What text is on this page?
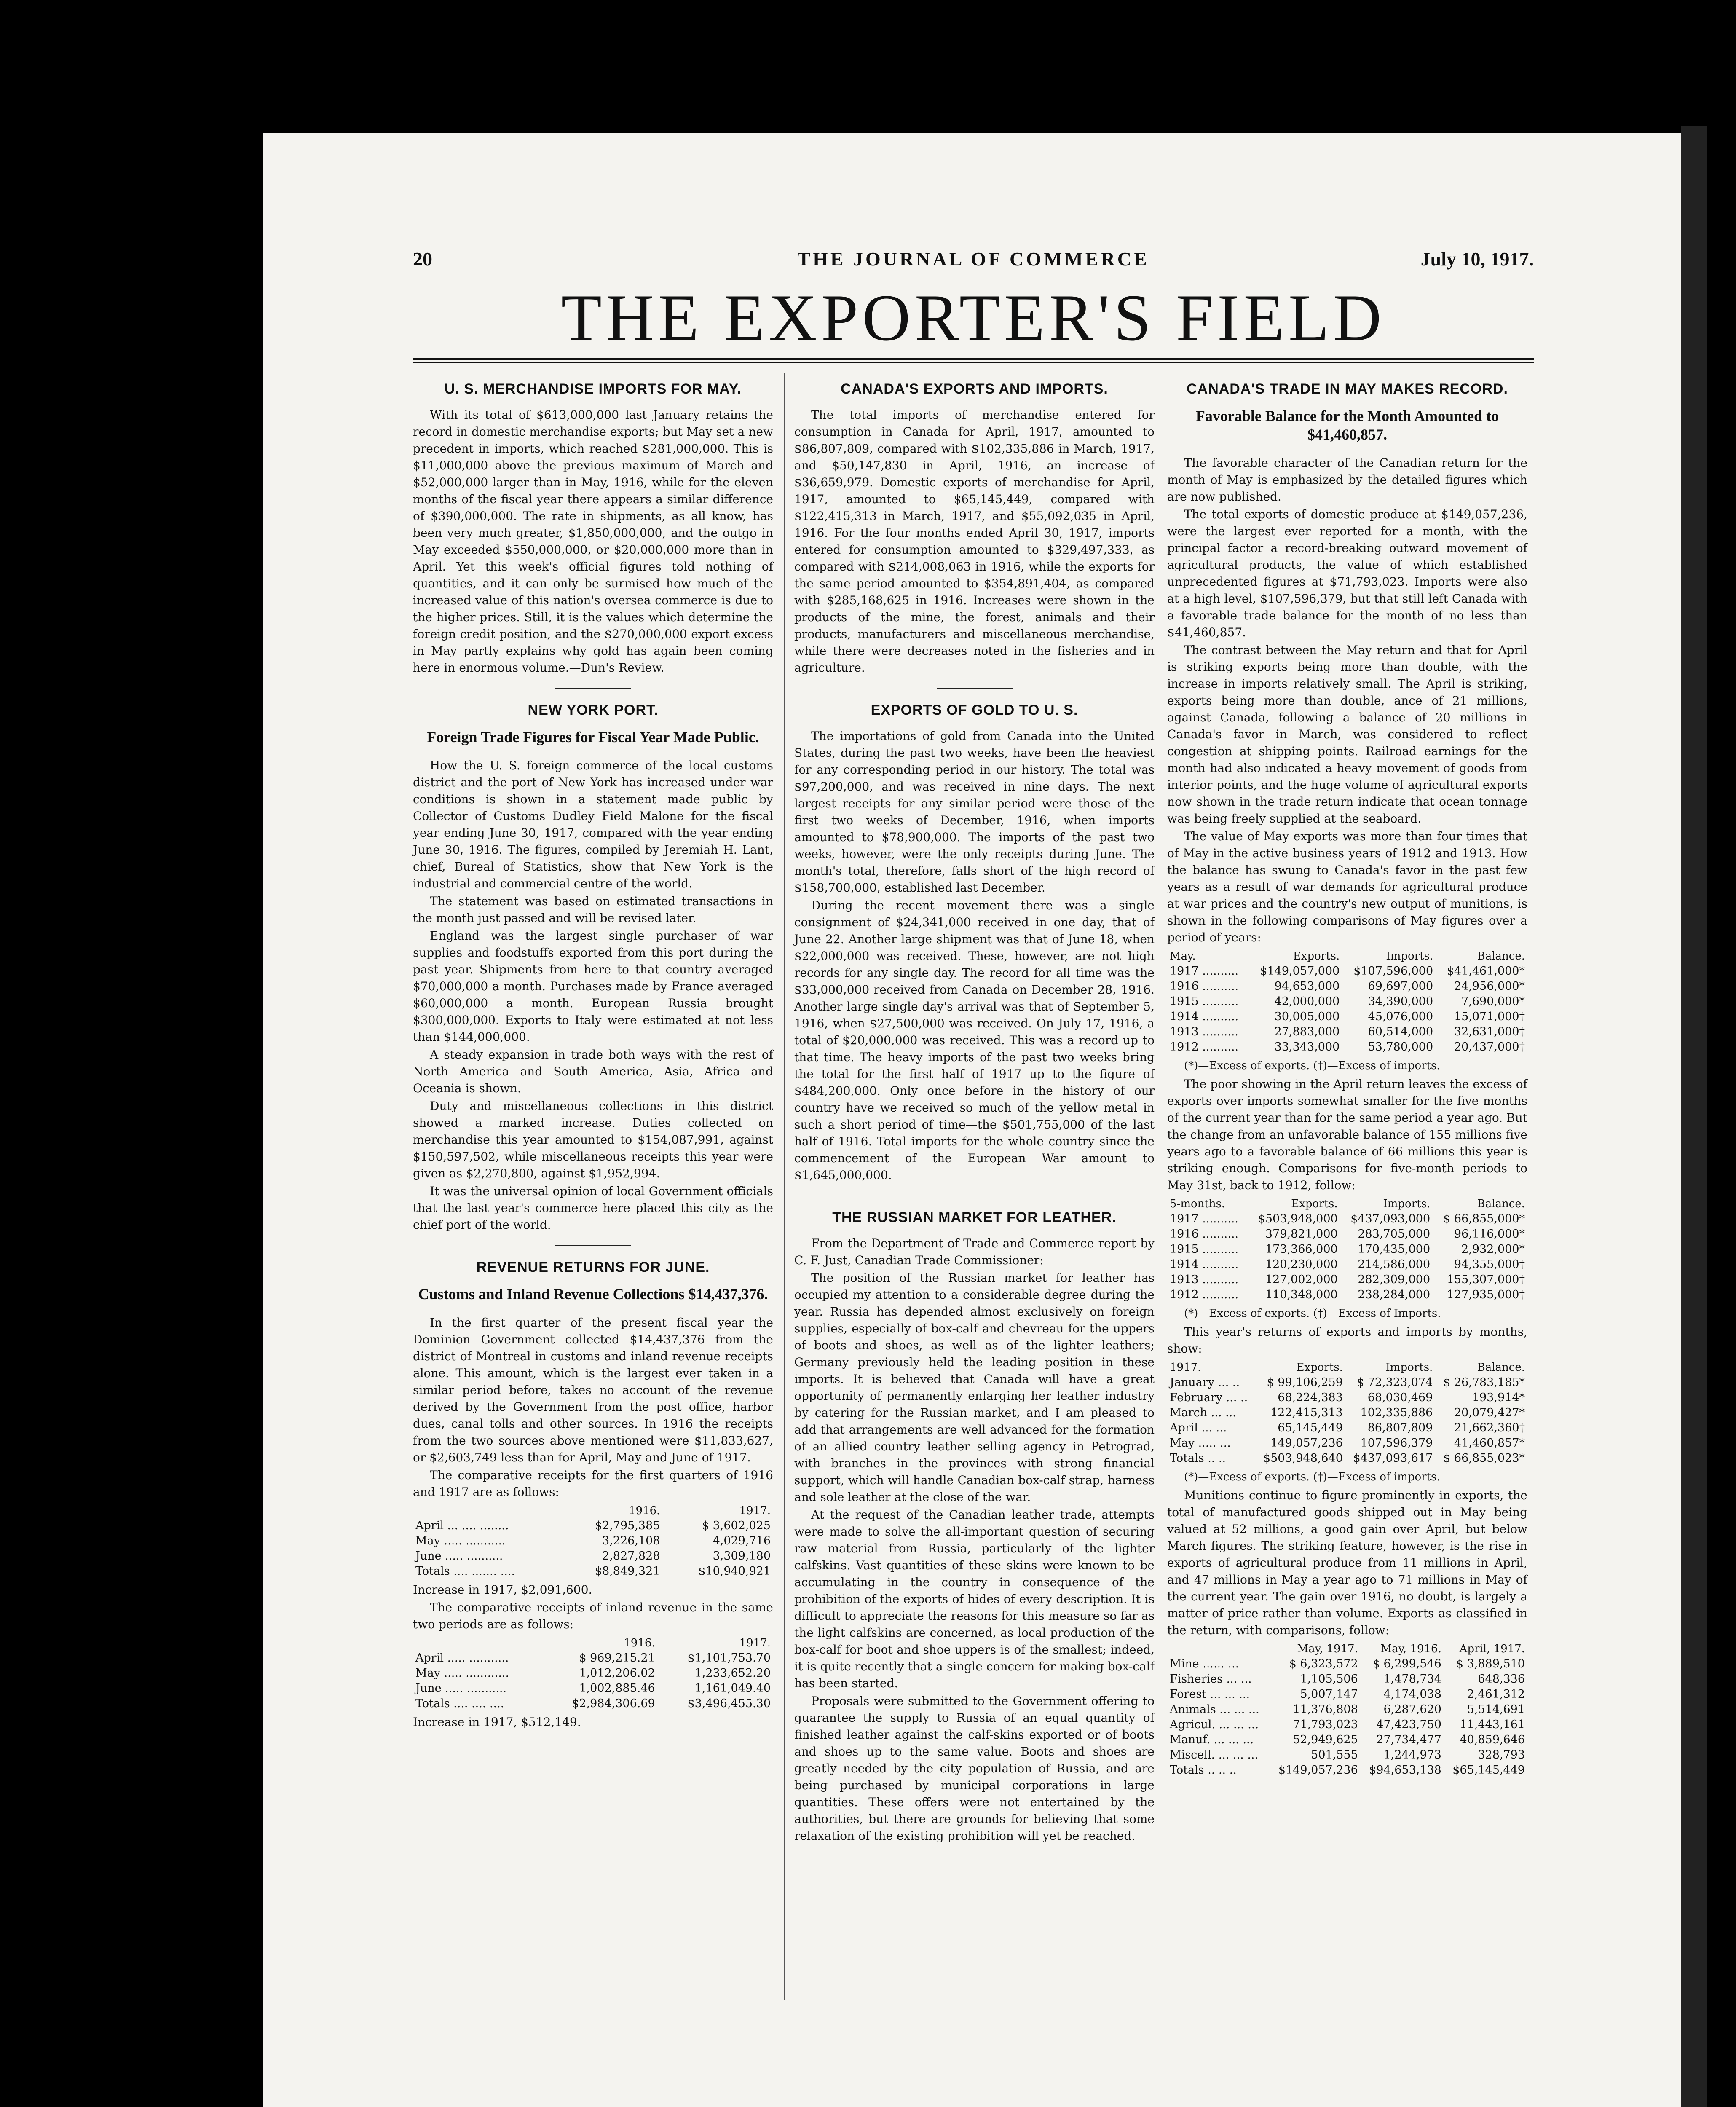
20	THE JOURNAL OF COMMERCE	July 10, 1917.
THE EXPORTER'S FIELD
U. S. MERCHANDISE IMPORTS FOR MAY.

With its total of $613,000,000 last January retains the record in domestic merchandise exports; but May set a new precedent in imports, which reached $281,000,000. This is $11,000,000 above the previous maximum of March and $52,000,000 larger than in May, 1916, while for the eleven months of the fiscal year there appears a similar difference of $390,000,000. The rate in shipments, as all know, has been very much greater, $1,850,000,000, and the outgo in May exceeded $550,000,000, or $20,000,000 more than in April. Yet this week's official figures told nothing of quantities, and it can only be surmised how much of the increased value of this nation's oversea commerce is due to the higher prices. Still, it is the values which determine the foreign credit position, and the $270,000,000 export excess in May partly explains why gold has again been coming here in enormous volume.—Dun's Review.

NEW YORK PORT.
Foreign Trade Figures for Fiscal Year Made Public.

How the U. S. foreign commerce of the local customs district and the port of New York has increased under war conditions is shown in a statement made public by Collector of Customs Dudley Field Malone for the fiscal year ending June 30, 1917, compared with the year ending June 30, 1916. The figures, compiled by Jeremiah H. Lant, chief, Bureal of Statistics, show that New York is the industrial and commercial centre of the world.

The statement was based on estimated transactions in the month just passed and will be revised later.

England was the largest single purchaser of war supplies and foodstuffs exported from this port during the past year. Shipments from here to that country averaged $70,000,000 a month. Purchases made by France averaged $60,000,000 a month. European Russia brought $300,000,000. Exports to Italy were estimated at not less than $144,000,000.

A steady expansion in trade both ways with the rest of North America and South America, Asia, Africa and Oceania is shown.

Duty and miscellaneous collections in this district showed a marked increase. Duties collected on merchandise this year amounted to $154,087,991, against $150,597,502, while miscellaneous receipts this year were given as $2,270,800, against $1,952,994.

It was the universal opinion of local Government officials that the last year's commerce here placed this city as the chief port of the world.

REVENUE RETURNS FOR JUNE.
Customs and Inland Revenue Collections $14,437,376.

In the first quarter of the present fiscal year the Dominion Government collected $14,437,376 from the district of Montreal in customs and inland revenue receipts alone. This amount, which is the largest ever taken in a similar period before, takes no account of the revenue derived by the Government from the post office, harbor dues, canal tolls and other sources. In 1916 the receipts from the two sources above mentioned were $11,833,627, or $2,603,749 less than for April, May and June of 1917.

The comparative receipts for the first quarters of 1916 and 1917 are as follows:

	1916.	1917.
April ... .... ........	$2,795,385	$ 3,602,025
May ..... ...........	3,226,108	4,029,716
June ..... ..........	2,827,828	3,309,180
Totals .... ....... ....	$8,849,321	$10,940,921

Increase in 1917, $2,091,600.

The comparative receipts of inland revenue in the same two periods are as follows:

	1916.	1917.
April ..... ...........	$ 969,215.21	$1,101,753.70
May ..... ............	1,012,206.02	1,233,652.20
June ..... ...........	1,002,885.46	1,161,049.40
Totals .... .... ....	$2,984,306.69	$3,496,455.30

Increase in 1917, $512,149.

CANADA'S EXPORTS AND IMPORTS.

The total imports of merchandise entered for consumption in Canada for April, 1917, amounted to $86,807,809, compared with $102,335,886 in March, 1917, and $50,147,830 in April, 1916, an increase of $36,659,979. Domestic exports of merchandise for April, 1917, amounted to $65,145,449, compared with $122,415,313 in March, 1917, and $55,092,035 in April, 1916. For the four months ended April 30, 1917, imports entered for consumption amounted to $329,497,333, as compared with $214,008,063 in 1916, while the exports for the same period amounted to $354,891,404, as compared with $285,168,625 in 1916. Increases were shown in the products of the mine, the forest, animals and their products, manufacturers and miscellaneous merchandise, while there were decreases noted in the fisheries and in agriculture.

EXPORTS OF GOLD TO U. S.

The importations of gold from Canada into the United States, during the past two weeks, have been the heaviest for any corresponding period in our history. The total was $97,200,000, and was received in nine days. The next largest receipts for any similar period were those of the first two weeks of December, 1916, when imports amounted to $78,900,000. The imports of the past two weeks, however, were the only receipts during June. The month's total, therefore, falls short of the high record of $158,700,000, established last December.

During the recent movement there was a single consignment of $24,341,000 received in one day, that of June 22. Another large shipment was that of June 18, when $22,000,000 was received. These, however, are not high records for any single day. The record for all time was the $33,000,000 received from Canada on December 28, 1916. Another large single day's arrival was that of September 5, 1916, when $27,500,000 was received. On July 17, 1916, a total of $20,000,000 was received. This was a record up to that time. The heavy imports of the past two weeks bring the total for the first half of 1917 up to the figure of $484,200,000. Only once before in the history of our country have we received so much of the yellow metal in such a short period of time—the $501,755,000 of the last half of 1916. Total imports for the whole country since the commencement of the European War amount to $1,645,000,000.

THE RUSSIAN MARKET FOR LEATHER.

From the Department of Trade and Commerce report by C. F. Just, Canadian Trade Commissioner:

The position of the Russian market for leather has occupied my attention to a considerable degree during the year. Russia has depended almost exclusively on foreign supplies, especially of box-calf and chevreau for the uppers of boots and shoes, as well as of the lighter leathers; Germany previously held the leading position in these imports. It is believed that Canada will have a great opportunity of permanently enlarging her leather industry by catering for the Russian market, and I am pleased to add that arrangements are well advanced for the formation of an allied country leather selling agency in Petrograd, with branches in the provinces with strong financial support, which will handle Canadian box-calf strap, harness and sole leather at the close of the war.

At the request of the Canadian leather trade, attempts were made to solve the all-important question of securing raw material from Russia, particularly of the lighter calfskins. Vast quantities of these skins were known to be accumulating in the country in consequence of the prohibition of the exports of hides of every description. It is difficult to appreciate the reasons for this measure so far as the light calfskins are concerned, as local production of the box-calf for boot and shoe uppers is of the smallest; indeed, it is quite recently that a single concern for making box-calf has been started.

Proposals were submitted to the Government offering to guarantee the supply to Russia of an equal quantity of finished leather against the calf-skins exported or of boots and shoes up to the same value. Boots and shoes are greatly needed by the city population of Russia, and are being purchased by municipal corporations in large quantities. These offers were not entertained by the authorities, but there are grounds for believing that some relaxation of the existing prohibition will yet be reached.

CANADA'S TRADE IN MAY MAKES RECORD.
Favorable Balance for the Month Amounted to $41,460,857.

The favorable character of the Canadian return for the month of May is emphasized by the detailed figures which are now published.

The total exports of domestic produce at $149,057,236, were the largest ever reported for a month, with the principal factor a record-breaking outward movement of agricultural products, the value of which established unprecedented figures at $71,793,023. Imports were also at a high level, $107,596,379, but that still left Canada with a favorable trade balance for the month of no less than $41,460,857.

The contrast between the May return and that for April is striking exports being more than double, with the increase in imports relatively small. The April is striking, exports being more than double, ance of 21 millions, against Canada, following a balance of 20 millions in Canada's favor in March, was considered to reflect congestion at shipping points. Railroad earnings for the month had also indicated a heavy movement of goods from interior points, and the huge volume of agricultural exports now shown in the trade return indicate that ocean tonnage was being freely supplied at the seaboard.

The value of May exports was more than four times that of May in the active business years of 1912 and 1913. How the balance has swung to Canada's favor in the past few years as a result of war demands for agricultural produce at war prices and the country's new output of munitions, is shown in the following comparisons of May figures over a period of years:

May.	Exports.	Imports.	Balance.
1917 ..........	$149,057,000	$107,596,000	$41,461,000*
1916 ..........	94,653,000	69,697,000	24,956,000*
1915 ..........	42,000,000	34,390,000	7,690,000*
1914 ..........	30,005,000	45,076,000	15,071,000†
1913 ..........	27,883,000	60,514,000	32,631,000†
1912 ..........	33,343,000	53,780,000	20,437,000†
(*)—Excess of exports. (†)—Excess of imports.

The poor showing in the April return leaves the excess of exports over imports somewhat smaller for the five months of the current year than for the same period a year ago. But the change from an unfavorable balance of 155 millions five years ago to a favorable balance of 66 millions this year is striking enough. Comparisons for five-month periods to May 31st, back to 1912, follow:

5-months.	Exports.	Imports.	Balance.
1917 ..........	$503,948,000	$437,093,000	$ 66,855,000*
1916 ..........	379,821,000	283,705,000	96,116,000*
1915 ..........	173,366,000	170,435,000	2,932,000*
1914 ..........	120,230,000	214,586,000	94,355,000†
1913 ..........	127,002,000	282,309,000	155,307,000†
1912 ..........	110,348,000	238,284,000	127,935,000†
(*)—Excess of exports. (†)—Excess of Imports.

This year's returns of exports and imports by months, show:

1917.	Exports.	Imports.	Balance.
January ... ..	$ 99,106,259	$ 72,323,074	$ 26,783,185*
February ... ..	68,224,383	68,030,469	193,914*
March ... ...	122,415,313	102,335,886	20,079,427*
April ... ...	65,145,449	86,807,809	21,662,360†
May ..... ...	149,057,236	107,596,379	41,460,857*
Totals .. ..	$503,948,640	$437,093,617	$ 66,855,023*
(*)—Excess of exports. (†)—Excess of imports.

Munitions continue to figure prominently in exports, the total of manufactured goods shipped out in May being valued at 52 millions, a good gain over April, but below March figures. The striking feature, however, is the rise in exports of agricultural produce from 11 millions in April, and 47 millions in May a year ago to 71 millions in May of the current year. The gain over 1916, no doubt, is largely a matter of price rather than volume. Exports as classified in the return, with comparisons, follow:

	May, 1917.	May, 1916.	April, 1917.
Mine ...... ...	$ 6,323,572	$ 6,299,546	$ 3,889,510
Fisheries ... ...	1,105,506	1,478,734	648,336
Forest ... ... ...	5,007,147	4,174,038	2,461,312
Animals ... ... ...	11,376,808	6,287,620	5,514,691
Agricul. ... ... ...	71,793,023	47,423,750	11,443,161
Manuf. ... ... ...	52,949,625	27,734,477	40,859,646
Miscell. ... ... ...	501,555	1,244,973	328,793
Totals .. .. ..	$149,057,236	$94,653,138	$65,145,449
